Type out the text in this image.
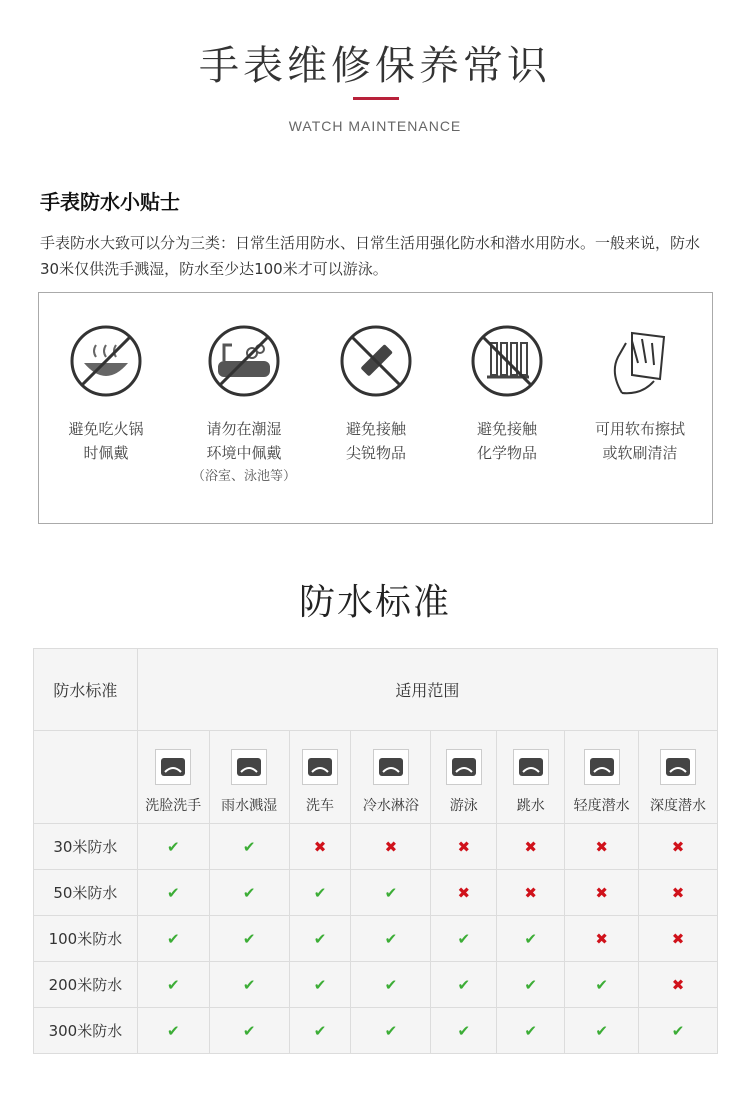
手表维修保养常识
WATCH MAINTENANCE
手表防水小贴士
手表防水大致可以分为三类：日常生活用防水、日常生活用强化防水和潜水用防水。一般来说，防水30米仅供洗手溅湿，防水至少达100米才可以游泳。
避免吃火锅
时佩戴
请勿在潮湿
环境中佩戴
（浴室、泳池等）
避免接触
尖锐物品
避免接触
化学物品
可用软布擦拭
或软刷清洁
防水标准
防水标准	适用范围							

	洗脸洗手	雨水溅湿	洗车	冷水淋浴	游泳	跳水	轻度潜水	深度潜水

30米防水	✔	✔	✖	✖	✖	✖	✖	✖
50米防水	✔	✔	✔	✔	✖	✖	✖	✖
100米防水	✔	✔	✔	✔	✔	✔	✖	✖
200米防水	✔	✔	✔	✔	✔	✔	✔	✖
300米防水	✔	✔	✔	✔	✔	✔	✔	✔
